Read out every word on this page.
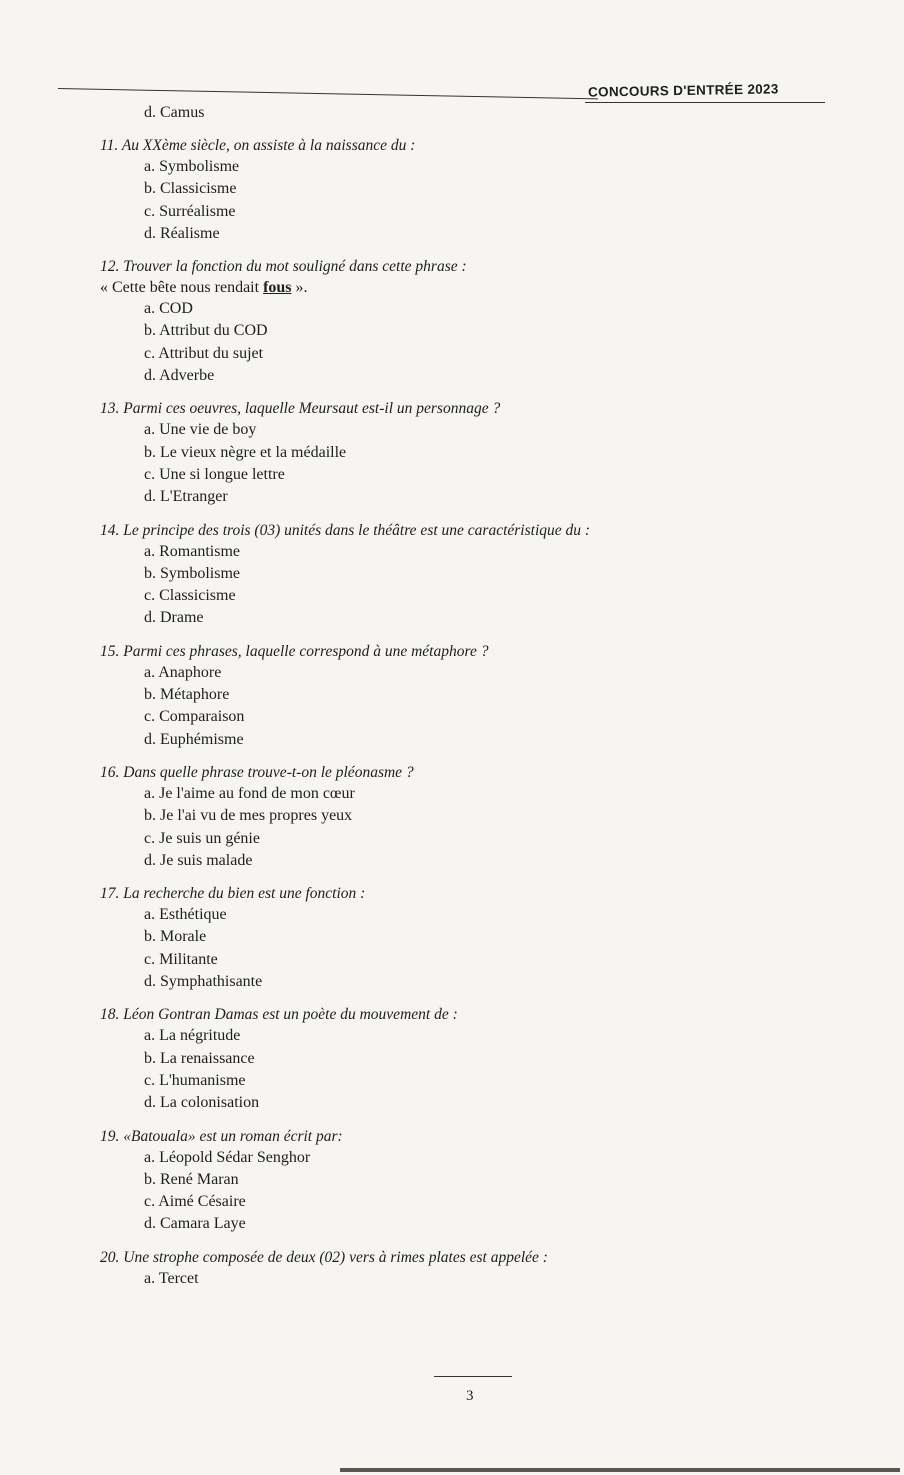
CONCOURS D'ENTRÉE 2023
d. Camus
11. Au XXème siècle, on assiste à la naissance du :
a. Symbolisme
b. Classicisme
c. Surréalisme
d. Réalisme
12. Trouver la fonction du mot souligné dans cette phrase :
« Cette bête nous rendait fous ».
a. COD
b. Attribut du COD
c. Attribut du sujet
d. Adverbe
13. Parmi ces oeuvres, laquelle Meursaut est-il un personnage ?
a. Une vie de boy
b. Le vieux nègre et la médaille
c. Une si longue lettre
d. L'Etranger
14. Le principe des trois (03) unités dans le théâtre est une caractéristique du :
a. Romantisme
b. Symbolisme
c. Classicisme
d. Drame
15. Parmi ces phrases, laquelle correspond à une métaphore ?
a. Anaphore
b. Métaphore
c. Comparaison
d. Euphémisme
16. Dans quelle phrase trouve-t-on le pléonasme ?
a. Je l'aime au fond de mon cœur
b. Je l'ai vu de mes propres yeux
c. Je suis un génie
d. Je suis malade
17. La recherche du bien est une fonction :
a. Esthétique
b. Morale
c. Militante
d. Symphathisante
18. Léon Gontran Damas est un poète du mouvement de :
a. La négritude
b. La renaissance
c. L'humanisme
d. La colonisation
19. «Batouala» est un roman écrit par:
a. Léopold Sédar Senghor
b. René Maran
c. Aimé Césaire
d. Camara Laye
20. Une strophe composée de deux (02) vers à rimes plates est appelée :
a. Tercet
3
